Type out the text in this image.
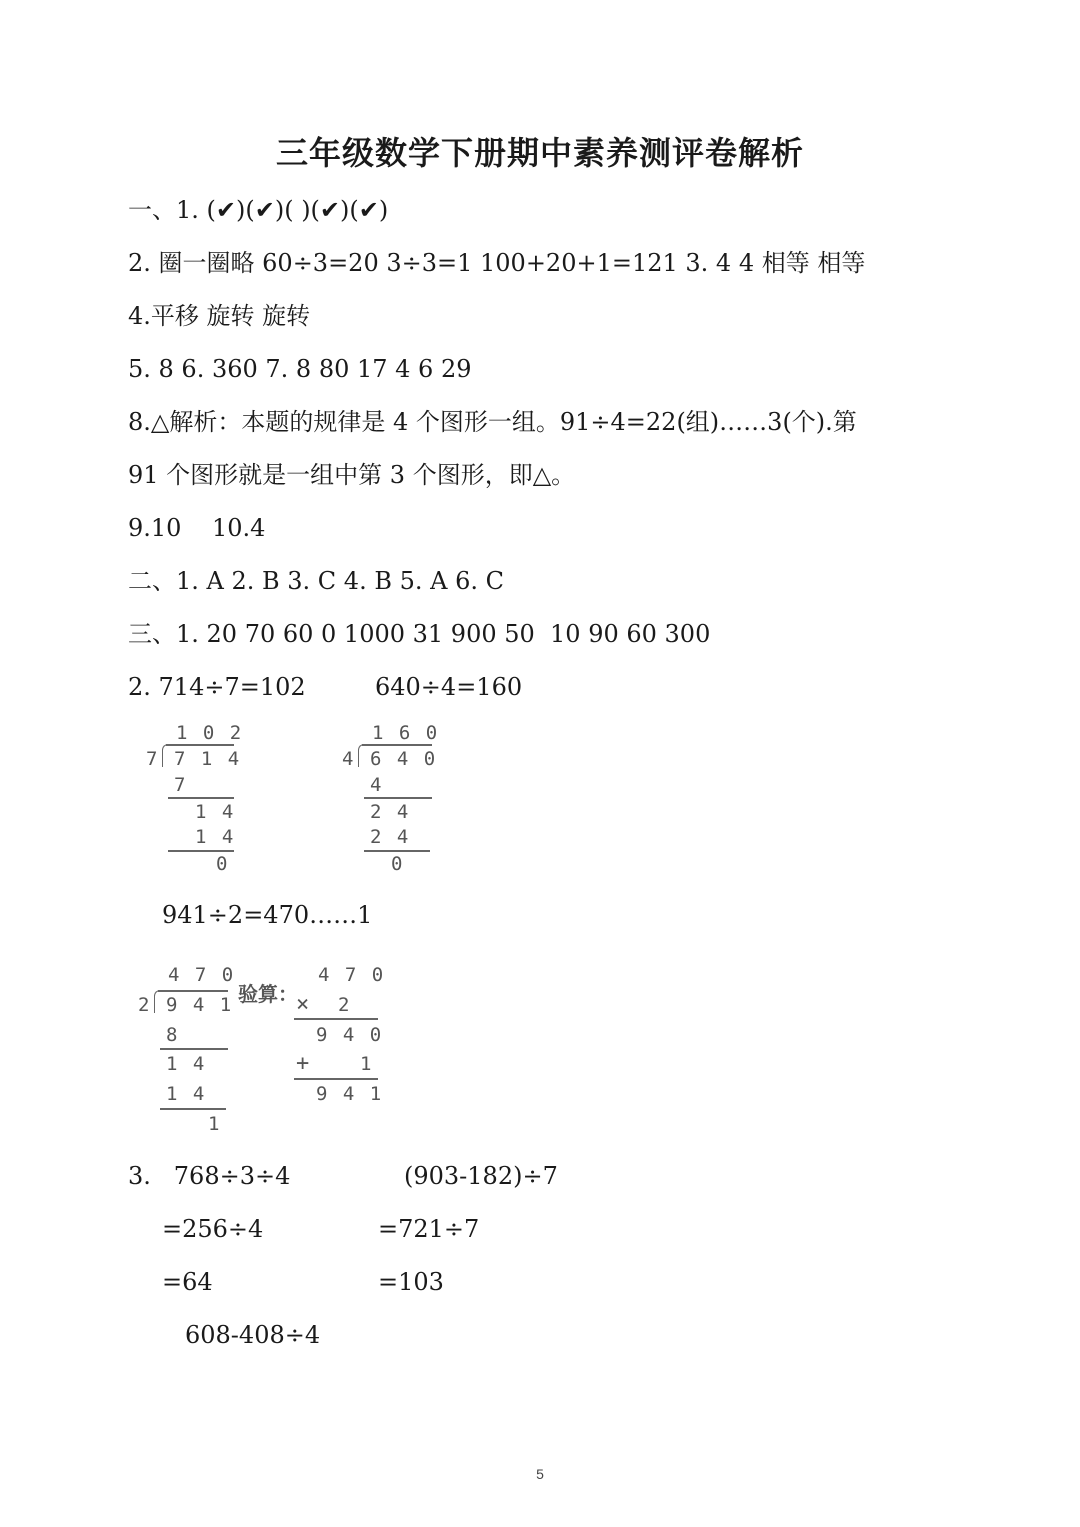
三年级数学下册期中素养测评卷解析
一、1. (✔)(✔)( )(✔)(✔)
2. 圈一圈略 60÷3=20 3÷3=1 100+20+1=121 3. 4 4 相等 相等
4.平移 旋转 旋转
5. 8 6. 360 7. 8 80 17 4 6 29
8.△解析：本题的规律是 4 个图形一组。91÷4=22(组)……3(个).第
91 个图形就是一组中第 3 个图形，即△。
9.10    10.4
二、1. A 2. B 3. C 4. B 5. A 6. C
三、1. 20 70 60 0 1000 31 900 50  10 90 60 300
2. 714÷7=102	640÷4=160
1 0 2
7 7 1 4
7
1 4
1 4
0
1 6 0
4 6 4 0
4
2 4
2 4
0
941÷2=470……1
4 7 0
2 9 4 1
8
1 4
1 4
1
验算：
4 7 0
× 2
9 4 0
+	1
9 4 1
3.   768÷3÷4	(903-182)÷7
=256÷4	=721÷7
=64	=103
608-408÷4
5
